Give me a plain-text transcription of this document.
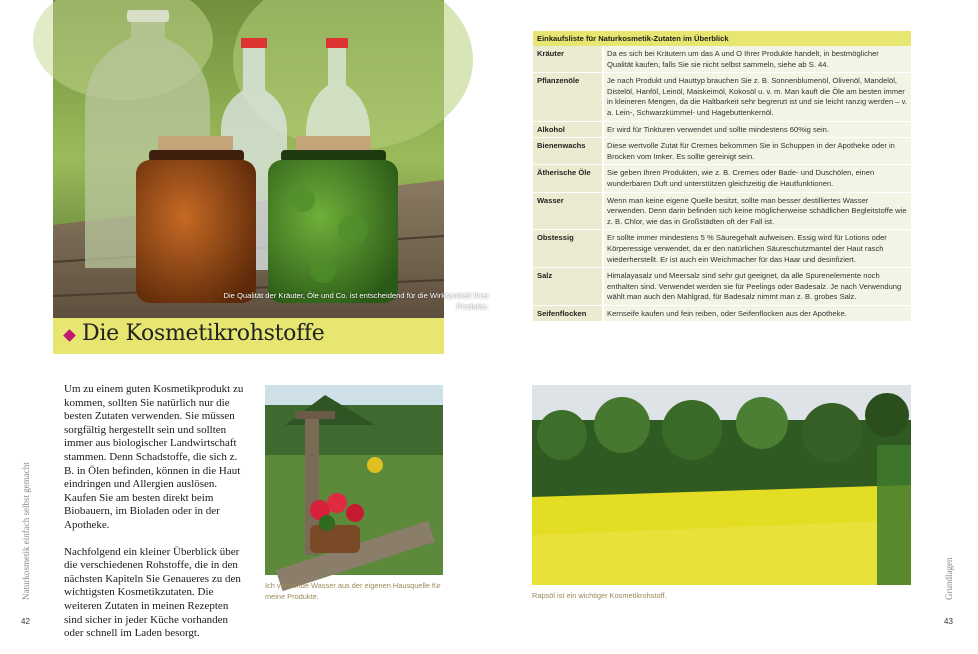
Die Qualität der Kräuter, Öle und Co. ist entscheidend für die Wirksamkeit Ihrer Produkte.
Die Kosmetikrohstoffe

Um zu einem guten Kosmetikprodukt zu kommen, sollten Sie natürlich nur die besten Zutaten verwenden. Sie müssen sorgfältig hergestellt sein und sollten immer aus biologischer Landwirtschaft stammen. Denn Schadstoffe, die sich z. B. in Ölen befinden, können in die Haut eindringen und Allergien auslösen. Kaufen Sie am besten direkt beim Biobauern, im Bioladen oder in der Apotheke.

Nachfolgend ein kleiner Überblick über die verschiedenen Rohstoffe, die in den nächsten Kapiteln Sie Genaueres zu den wichtigsten Kosmetikzutaten. Die weiteren Zutaten in meinen Rezepten sind sicher in jeder Küche vorhanden oder schnell im Laden besorgt.

Ich verwende Wasser aus der eigenen Hausquelle für meine Produkte.
Naturkosmetik einfach selbst gemacht
42
Einkaufsliste für Naturkosmetik-Zutaten im Überblick
Kräuter	Da es sich bei Kräutern um das A und O Ihrer Produkte handelt, in bestmöglicher Qualität kaufen, falls Sie sie nicht selbst sammeln, siehe ab S. 44.
Pflanzenöle	Je nach Produkt und Hauttyp brauchen Sie z. B. Sonnenblumenöl, Olivenöl, Mandelöl, Distelöl, Hanföl, Leinöl, Maiskeimöl, Kokosöl u. v. m. Man kauft die Öle am besten immer in kleineren Mengen, da die Haltbarkeit sehr begrenzt ist und sie leicht ranzig werden – v. a. Lein-, Schwarzkümmel- und Hagebuttenkernöl.
Alkohol	Er wird für Tinkturen verwendet und sollte mindestens 60%ig sein.
Bienenwachs	Diese wertvolle Zutat für Cremes bekommen Sie in Schuppen in der Apotheke oder in Brocken vom Imker. Es sollte gereinigt sein.
Ätherische Öle	Sie geben Ihren Produkten, wie z. B. Cremes oder Bade- und Duschölen, einen wunderbaren Duft und unterstützen gleichzeitig die Hautfunktionen.
Wasser	Wenn man keine eigene Quelle besitzt, sollte man besser destilliertes Wasser verwenden. Denn darin befinden sich keine möglicherweise schädlichen Begleitstoffe wie z. B. Chlor, wie das in Großstädten oft der Fall ist.
Obstessig	Er sollte immer mindestens 5 % Säuregehalt aufweisen. Essig wird für Lotions oder Körperessige verwendet, da er den natürlichen Säureschutzmantel der Haut rasch wiederherstellt. Er ist auch ein Weichmacher für das Haar und desinfiziert.
Salz	Himalayasalz und Meersalz sind sehr gut geeignet, da alle Spurenelemente noch enthalten sind. Verwendet werden sie für Peelings oder Badesalz. Je nach Verwendung wählt man auch den Mahlgrad, für Badesalz nimmt man z. B. grobes Salz.
Seifenflocken	Kernseife kaufen und fein reiben, oder Seifenflocken aus der Apotheke.
Rapsöl ist ein wichtiger Kosmetikrohstoff.	Grundlagen
43
